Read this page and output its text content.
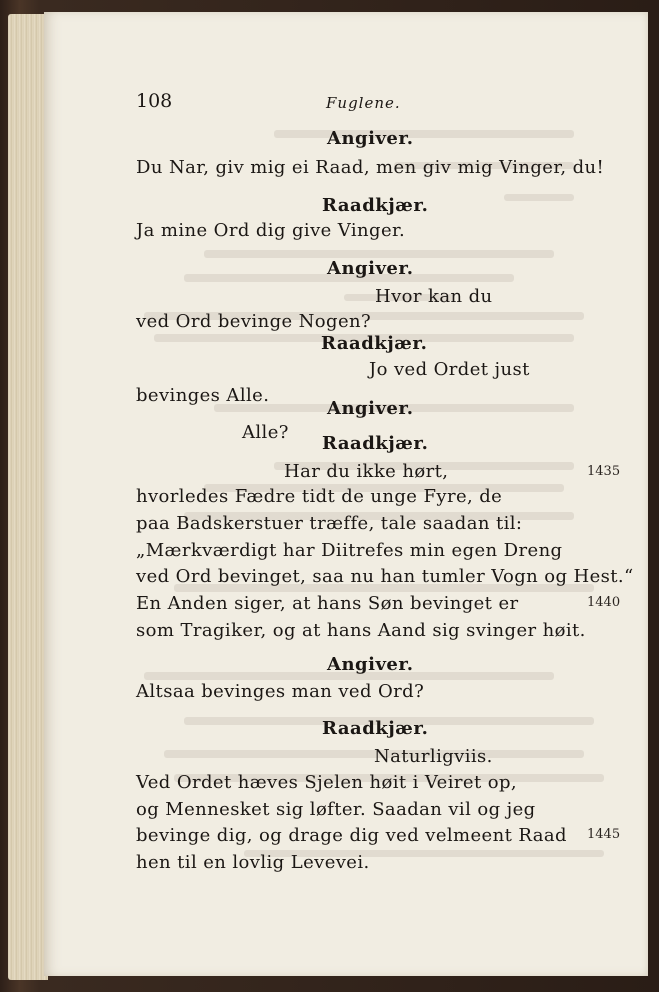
108	Fuglene.
Angiver.
Du Nar, giv mig ei Raad, men giv mig Vinger, du!
Raadkjær.
Ja mine Ord dig give Vinger.
Angiver.
Hvor kan du
ved Ord bevinge Nogen?
Raadkjær.
Jo ved Ordet just
bevinges Alle.
Angiver.
Alle?
Raadkjær.
Har du ikke hørt,	1435
hvorledes Fædre tidt de unge Fyre, de
paa Badskerstuer træffe, tale saadan til:
„Mærkværdigt har Diitrefes min egen Dreng
ved Ord bevinget, saa nu han tumler Vogn og Hest.“
En Anden siger, at hans Søn bevinget er	1440
som Tragiker, og at hans Aand sig svinger høit.
Angiver.
Altsaa bevinges man ved Ord?
Raadkjær.
Naturligviis.
Ved Ordet hæves Sjelen høit i Veiret op,
og Mennesket sig løfter. Saadan vil og jeg
bevinge dig, og drage dig ved velmeent Raad 1445
hen til en lovlig Levevei.
